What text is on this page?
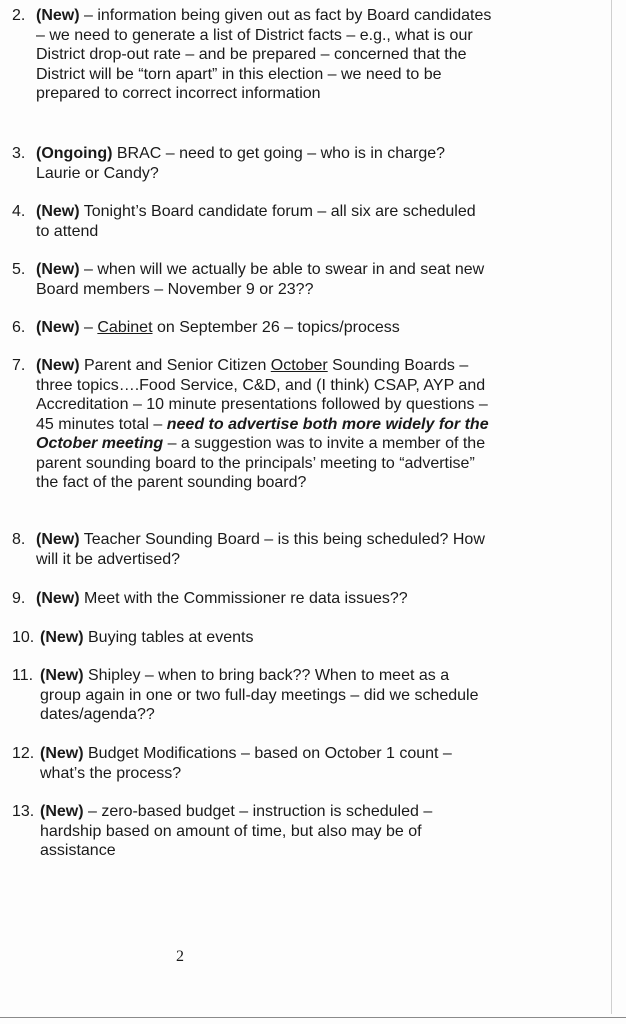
2. (New) – information being given out as fact by Board candidates – we need to generate a list of District facts – e.g., what is our District drop-out rate – and be prepared – concerned that the District will be “torn apart” in this election – we need to be prepared to correct incorrect information
3. (Ongoing) BRAC – need to get going – who is in charge? Laurie or Candy?
4. (New) Tonight’s Board candidate forum – all six are scheduled to attend
5. (New) – when will we actually be able to swear in and seat new Board members – November 9 or 23??
6. (New) – Cabinet on September 26 – topics/process
7. (New) Parent and Senior Citizen October Sounding Boards – three topics….Food Service, C&D, and (I think) CSAP, AYP and Accreditation – 10 minute presentations followed by questions – 45 minutes total – need to advertise both more widely for the October meeting – a suggestion was to invite a member of the parent sounding board to the principals’ meeting to “advertise” the fact of the parent sounding board?
8. (New) Teacher Sounding Board – is this being scheduled? How will it be advertised?
9. (New) Meet with the Commissioner re data issues??
10. (New) Buying tables at events
11. (New) Shipley – when to bring back?? When to meet as a group again in one or two full-day meetings – did we schedule dates/agenda??
12. (New) Budget Modifications – based on October 1 count – what’s the process?
13. (New) – zero-based budget – instruction is scheduled – hardship based on amount of time, but also may be of assistance
2
